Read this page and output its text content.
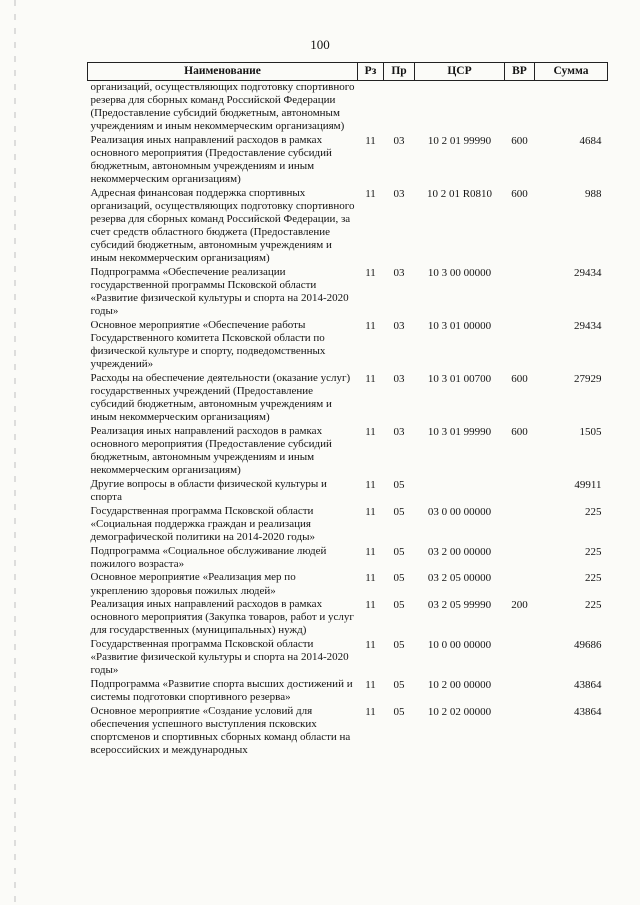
100
Наименование	Рз	Пр	ЦСР	ВР	Сумма
организаций, осуществляющих подготовку спортивного резерва для сборных команд Российской Федерации (Предоставление субсидий бюджетным, автономным учреждениям и иным некоммерческим организациям)					
Реализация иных направлений расходов в рамках основного мероприятия (Предоставление субсидий бюджетным, автономным учреждениям и иным некоммерческим организациям)	11	03	10 2 01 99990	600	4684
Адресная финансовая поддержка спортивных организаций, осуществляющих подготовку спортивного резерва для сборных команд Российской Федерации, за счет средств областного бюджета (Предоставление субсидий бюджетным, автономным учреждениям и иным некоммерческим организациям)	11	03	10 2 01 R0810	600	988
Подпрограмма «Обеспечение реализации государственной программы Псковской области «Развитие физической культуры и спорта на 2014-2020 годы»	11	03	10 3 00 00000		29434
Основное мероприятие «Обеспечение работы Государственного комитета Псковской области по физической культуре и спорту, подведомственных учреждений»	11	03	10 3 01 00000		29434
Расходы на обеспечение деятельности (оказание услуг) государственных учреждений (Предоставление субсидий бюджетным, автономным учреждениям и иным некоммерческим организациям)	11	03	10 3 01 00700	600	27929
Реализация иных направлений расходов в рамках основного мероприятия (Предоставление субсидий бюджетным, автономным учреждениям и иным некоммерческим организациям)	11	03	10 3 01 99990	600	1505
Другие вопросы в области физической культуры и спорта	11	05			49911
Государственная программа Псковской области «Социальная поддержка граждан и реализация демографической политики на 2014-2020 годы»	11	05	03 0 00 00000		225
Подпрограмма «Социальное обслуживание людей пожилого возраста»	11	05	03 2 00 00000		225
Основное мероприятие «Реализация мер по укреплению здоровья пожилых людей»	11	05	03 2 05 00000		225
Реализация иных направлений расходов в рамках основного мероприятия (Закупка товаров, работ и услуг для государственных (муниципальных) нужд)	11	05	03 2 05 99990	200	225
Государственная программа Псковской области «Развитие физической культуры и спорта на 2014-2020 годы»	11	05	10 0 00 00000		49686
Подпрограмма «Развитие спорта высших достижений и системы подготовки спортивного резерва»	11	05	10 2 00 00000		43864
Основное мероприятие «Создание условий для обеспечения успешного выступления псковских спортсменов и спортивных сборных команд области на всероссийских и международных	11	05	10 2 02 00000		43864
